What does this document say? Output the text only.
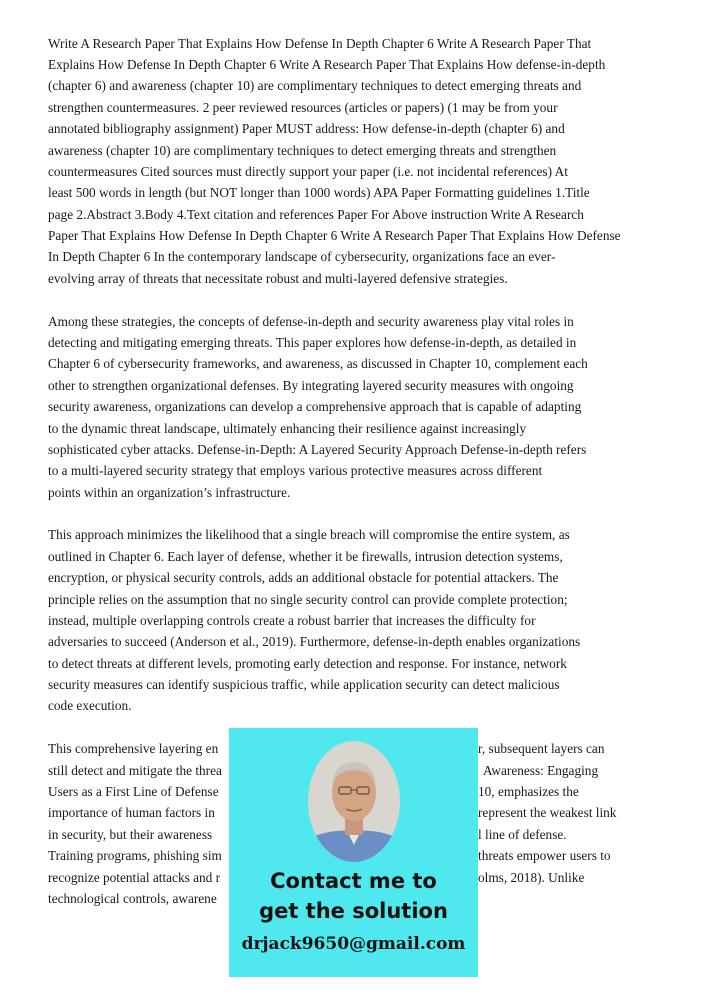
Write A Research Paper That Explains How Defense In Depth Chapter 6 Write A Research Paper That
Explains How Defense In Depth Chapter 6 Write A Research Paper That Explains How defense-in-depth
(chapter 6) and awareness (chapter 10) are complimentary techniques to detect emerging threats and
strengthen countermeasures. 2 peer reviewed resources (articles or papers) (1 may be from your
annotated bibliography assignment) Paper MUST address: How defense-in-depth (chapter 6) and
awareness (chapter 10) are complimentary techniques to detect emerging threats and strengthen
countermeasures Cited sources must directly support your paper (i.e. not incidental references) At
least 500 words in length (but NOT longer than 1000 words) APA Paper Formatting guidelines 1.Title
page 2.Abstract 3.Body 4.Text citation and references Paper For Above instruction Write A Research
Paper That Explains How Defense In Depth Chapter 6 Write A Research Paper That Explains How Defense
In Depth Chapter 6 In the contemporary landscape of cybersecurity, organizations face an ever-
evolving array of threats that necessitate robust and multi-layered defensive strategies.
Among these strategies, the concepts of defense-in-depth and security awareness play vital roles in
detecting and mitigating emerging threats. This paper explores how defense-in-depth, as detailed in
Chapter 6 of cybersecurity frameworks, and awareness, as discussed in Chapter 10, complement each
other to strengthen organizational defenses. By integrating layered security measures with ongoing
security awareness, organizations can develop a comprehensive approach that is capable of adapting
to the dynamic threat landscape, ultimately enhancing their resilience against increasingly
sophisticated cyber attacks. Defense-in-Depth: A Layered Security Approach Defense-in-depth refers
to a multi-layered security strategy that employs various protective measures across different
points within an organization’s infrastructure.
This approach minimizes the likelihood that a single breach will compromise the entire system, as
outlined in Chapter 6. Each layer of defense, whether it be firewalls, intrusion detection systems,
encryption, or physical security controls, adds an additional obstacle for potential attackers. The
principle relies on the assumption that no single security control can provide complete protection;
instead, multiple overlapping controls create a robust barrier that increases the difficulty for
adversaries to succeed (Anderson et al., 2019). Furthermore, defense-in-depth enables organizations
to detect threats at different levels, promoting early detection and response. For instance, network
security measures can identify suspicious traffic, while application security can detect malicious
code execution.
This comprehensive layering en
still detect and mitigate the threa
Users as a First Line of Defense
importance of human factors in
in security, but their awareness
Training programs, phishing sim
recognize potential attacks and r
technological controls, awarene
r, subsequent layers can
Awareness: Engaging
10, emphasizes the
represent the weakest link
l line of defense.
threats empower users to
olms, 2018). Unlike
Contact me to
get the solution
drjack9650@gmail.com
